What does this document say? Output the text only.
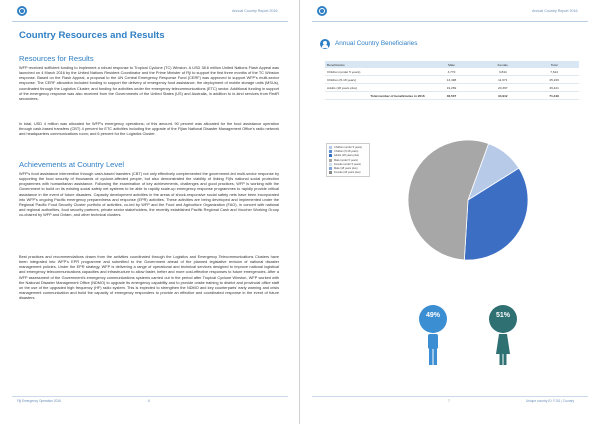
Annual Country Report 2016
Country Resources and Results
Resources for Results
WFP received sufficient funding to implement a robust response to Tropical Cyclone (TC) Winston. A USD 38.6 million United Nations Flash Appeal was launched on 4 March 2016 by the United Nations Resident Coordinator and the Prime Minister of Fiji to support the first three months of the TC Winston response. Based on the Flash Appeal, a proposal to the UN Central Emergency Response Fund (CERF) was approved to support WFP's multi-sector response. The CERF allocation included funding to support the delivery of emergency food assistance; the deployment of mobile storage units (MSUs), coordinated through the Logistics Cluster; and funding for activities under the emergency telecommunications (ETC) sector. Additional funding in support of the emergency response was also received from the Governments of the United States (US) and Australia, in addition to in-kind services from RedR secondees.
In total, USD 4 million was allocated for WFP's emergency operations; of this amount, 90 percent was allocated for the food assistance operation through cash-based transfers (CBT) 4 percent for ETC activities including the upgrade of the Fijian National Disaster Management Office's radio network and headquarters communications room; and 6 percent for the Logistics Cluster.
Achievements at Country Level
WFP's food assistance intervention through cash-based transfers (CBT) not only effectively complemented the government-led multi-sector response by supporting the food security of thousands of cyclone-affected people, but also demonstrated the viability of linking Fiji's national social protection programmes with humanitarian assistance. Following the examination of key achievements, challenges and good practices, WFP is working with the Government to build on its existing social safety net systems to be able to rapidly scale-up emergency response programmes to rapidly provide critical assistance in the event of future disasters. Capacity development activities in the areas of shock-responsive social safety nets have been incorporated into WFP's ongoing Pacific emergency preparedness and response (EPR) activities. These activities are being developed and implemented under the Regional Pacific Food Security Cluster portfolio of activities, co-led by WFP and the Food and Agriculture Organization (FAO), in concert with national and regional authorities, food security partners, private sector stakeholders, the recently established Pacific Regional Cash and Voucher Working Group co-chaired by WFP and Oxfam, and other technical clusters.
Best practices and recommendations drawn from the activities coordinated through the Logistics and Emergency Telecommunications Clusters have been integrated into WFP's EPR programme and submitted to the Government ahead of the planned legislative revision of national disaster management policies. Under the EPR strategy, WFP is delivering a range of operational and technical services designed to improve national logistical and emergency telecommunications capacities and infrastructure to allow faster, better and more cost-effective responses to future emergencies. After a WFP assessment of the Government's emergency communications systems carried out in the period after Tropical Cyclone Winston, WFP worked with the National Disaster Management Office (NDMO) to upgrade its emergency capability and to provide onsite training to district and provincial office staff on the use of the upgraded high frequency (HF) radio system. This is expected to strengthen the NDMO and key counterparts' early warning and crisis management communication and build the capacity of emergency responders to provide an effective and coordinated response in the event of future disasters.
Fiji Emergency Operation 2016	6
Annual Country Report 2016
Annual Country Beneficiaries
Beneficiaries	Male	Female	Total
Children (under 5 years)	3,770	3,844	7,614
Children (5-18 years)	13,498	11,671	25,169
Adults (18 years plus)	19,269	20,397	39,421
Total number of beneficiaries in 2016	36,537	34,912	71,449
Children (under 5 years)
Children (5-18 years)
Adults (18 years plus)
Male (under 5 years)
Female (under 5 years)
Male (18 years plus)
Female (18 years plus)
49%	51%
7	Unique country ID: FJ01 | Country
